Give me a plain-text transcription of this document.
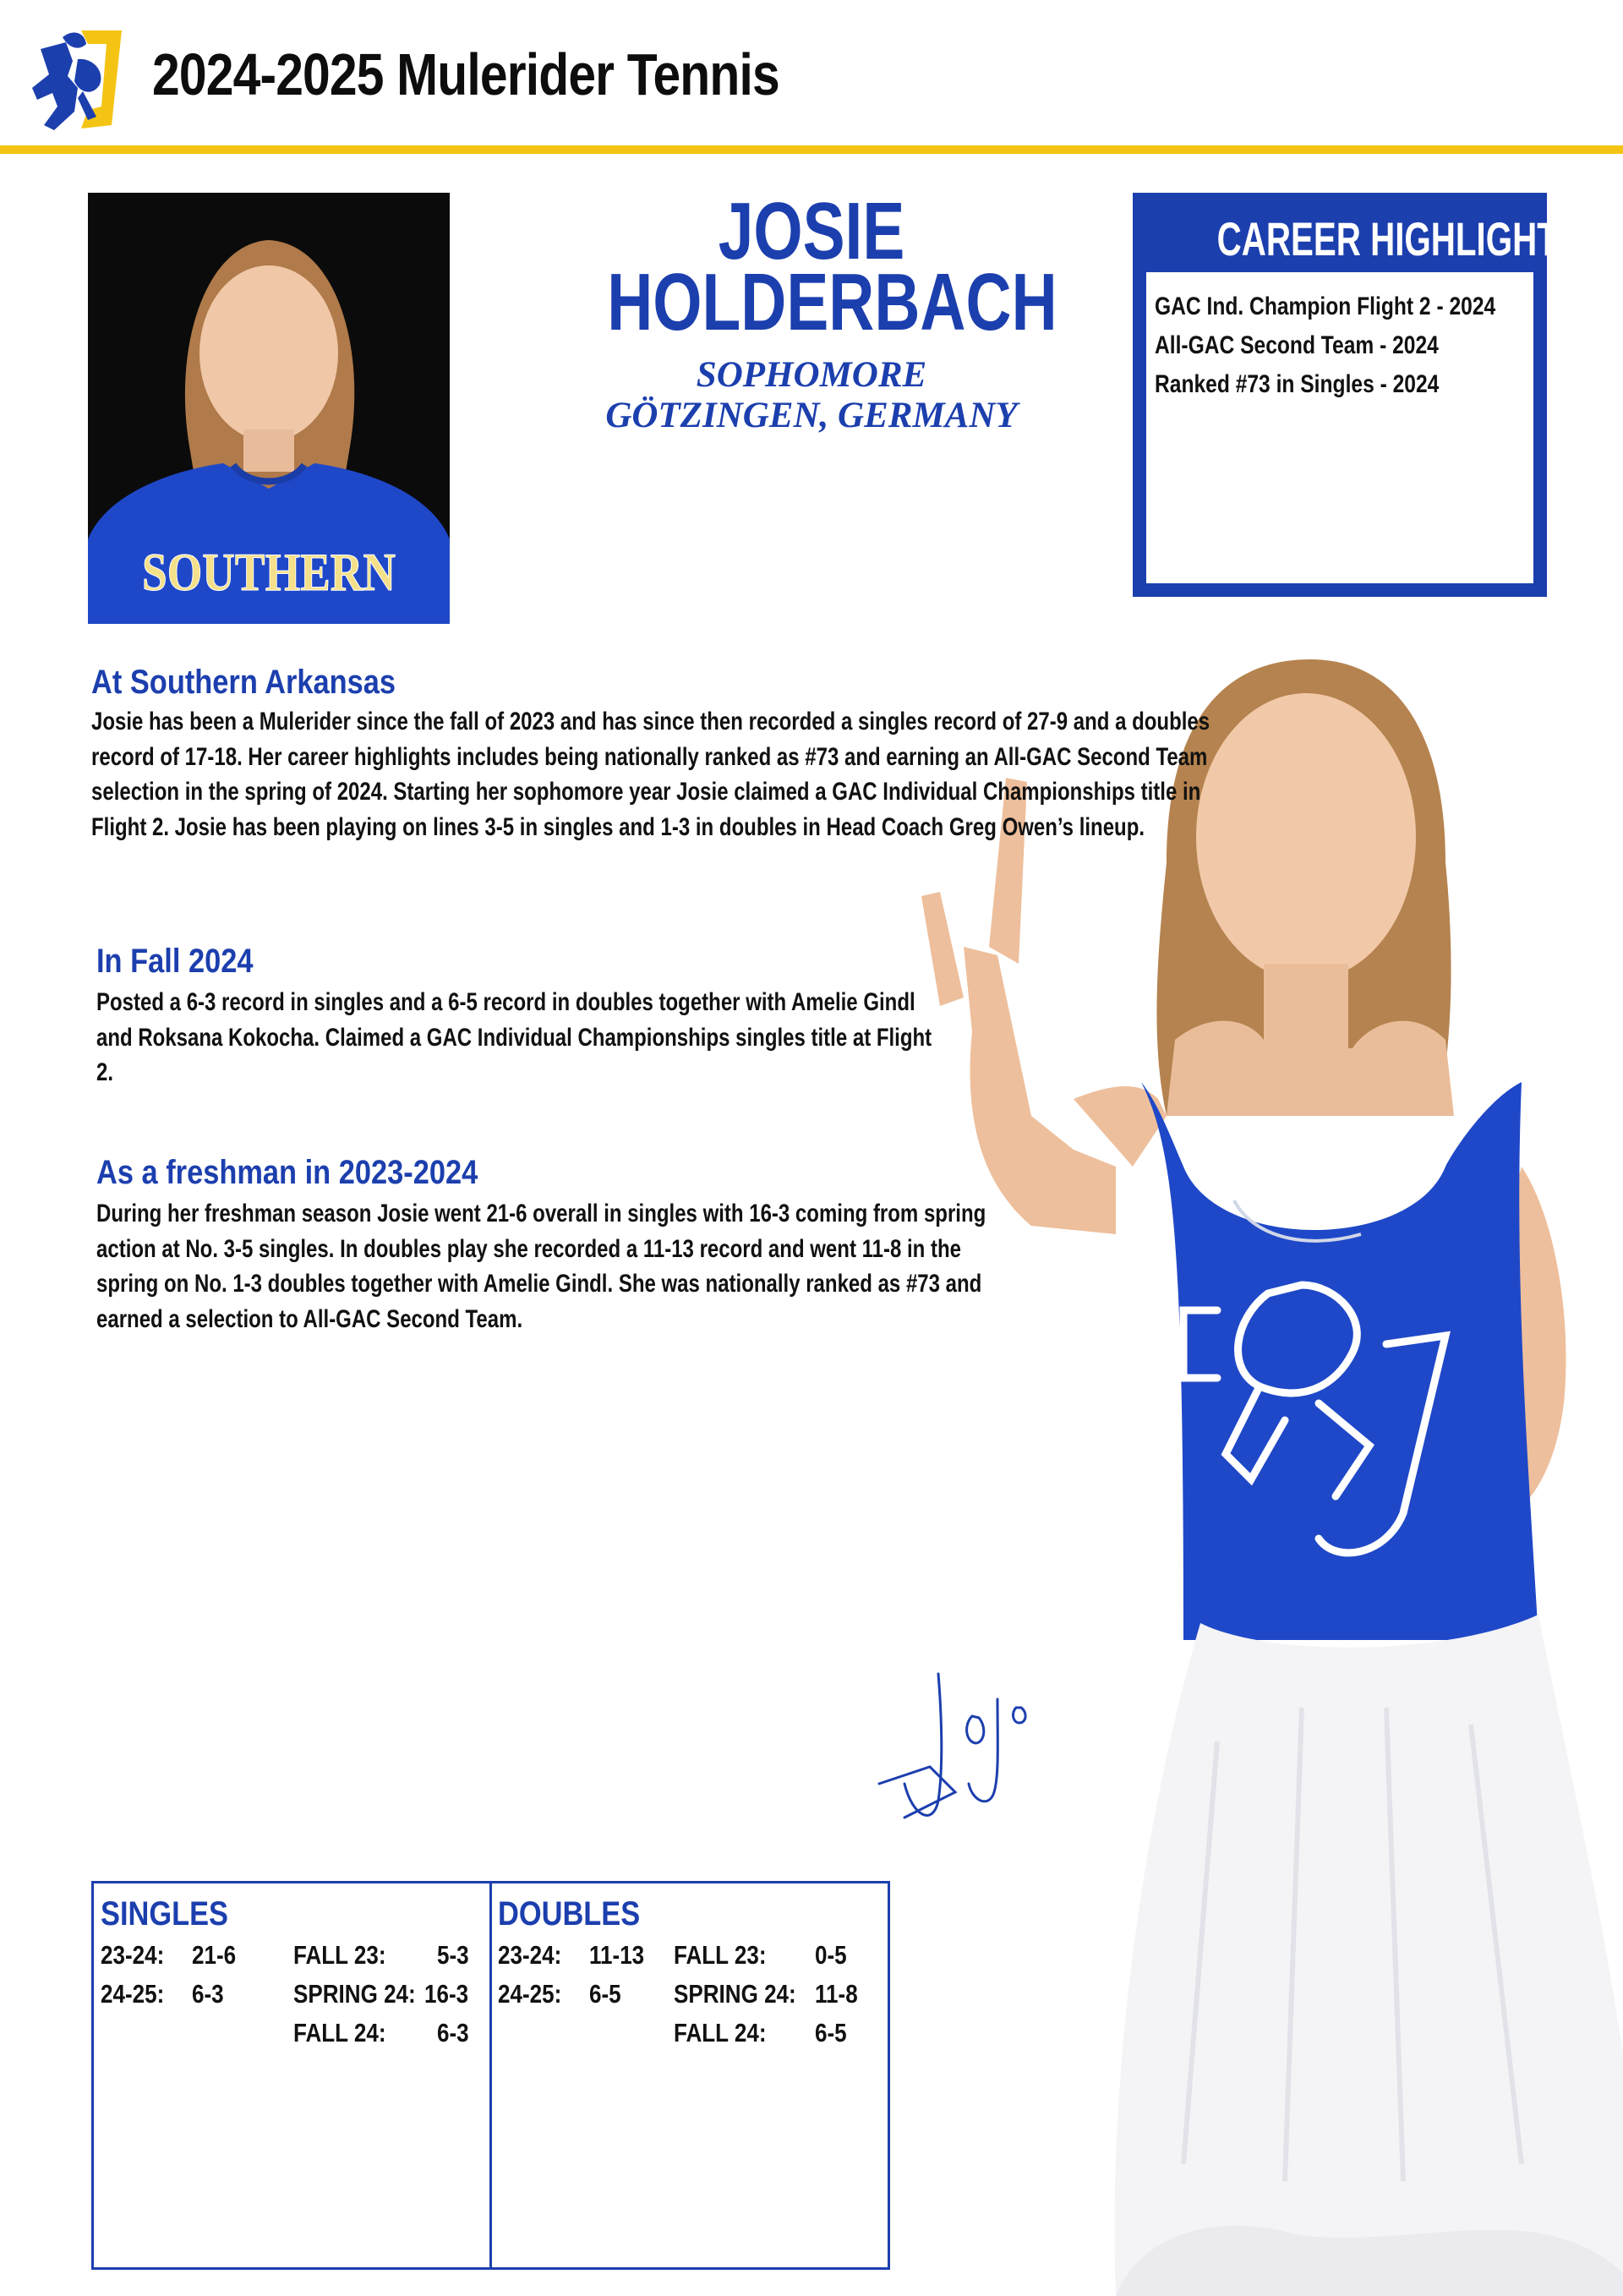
2024-2025 Mulerider Tennis
SOUTHERN
JOSIE
HOLDERBACH
SOPHOMORE
GÖTZINGEN, GERMANY
CAREER HIGHLIGHTS
GAC Ind. Champion Flight 2 - 2024
All-GAC Second Team - 2024
Ranked #73 in Singles - 2024
At Southern Arkansas

Josie has been a Mulerider since the fall of 2023 and has since then recorded a singles record of 27-9 and a doubles record of 17-18. Her career highlights includes being nationally ranked as #73 and earning an All-GAC Second Team selection in the spring of 2024. Starting her sophomore year Josie claimed a GAC Individual Championships title in Flight 2. Josie has been playing on lines 3-5 in singles and 1-3 in doubles in Head Coach Greg Owen’s lineup.

In Fall 2024

Posted a 6-3 record in singles and a 6-5 record in doubles together with Amelie Gindl and Roksana Kokocha. Claimed a GAC Individual Championships singles title at Flight 2.

As a freshman in 2023-2024

During her freshman season Josie went 21-6 overall in singles with 16-3 coming from spring action at No. 3-5 singles. In doubles play she recorded a 11-13 record and went 11-8 in the spring on No. 1-3 doubles together with Amelie Gindl. She was nationally ranked as #73 and earned a selection to All-GAC Second Team.

SINGLES
23-24: 21-6 FALL 23: 5-3
24-25: 6-3	SPRING 24: 16-3
FALL 24: 6-3
DOUBLES
23-24: 11-13 FALL 23: 0-5
24-25: 6-5 SPRING 24: 11-8
FALL 24: 6-5
